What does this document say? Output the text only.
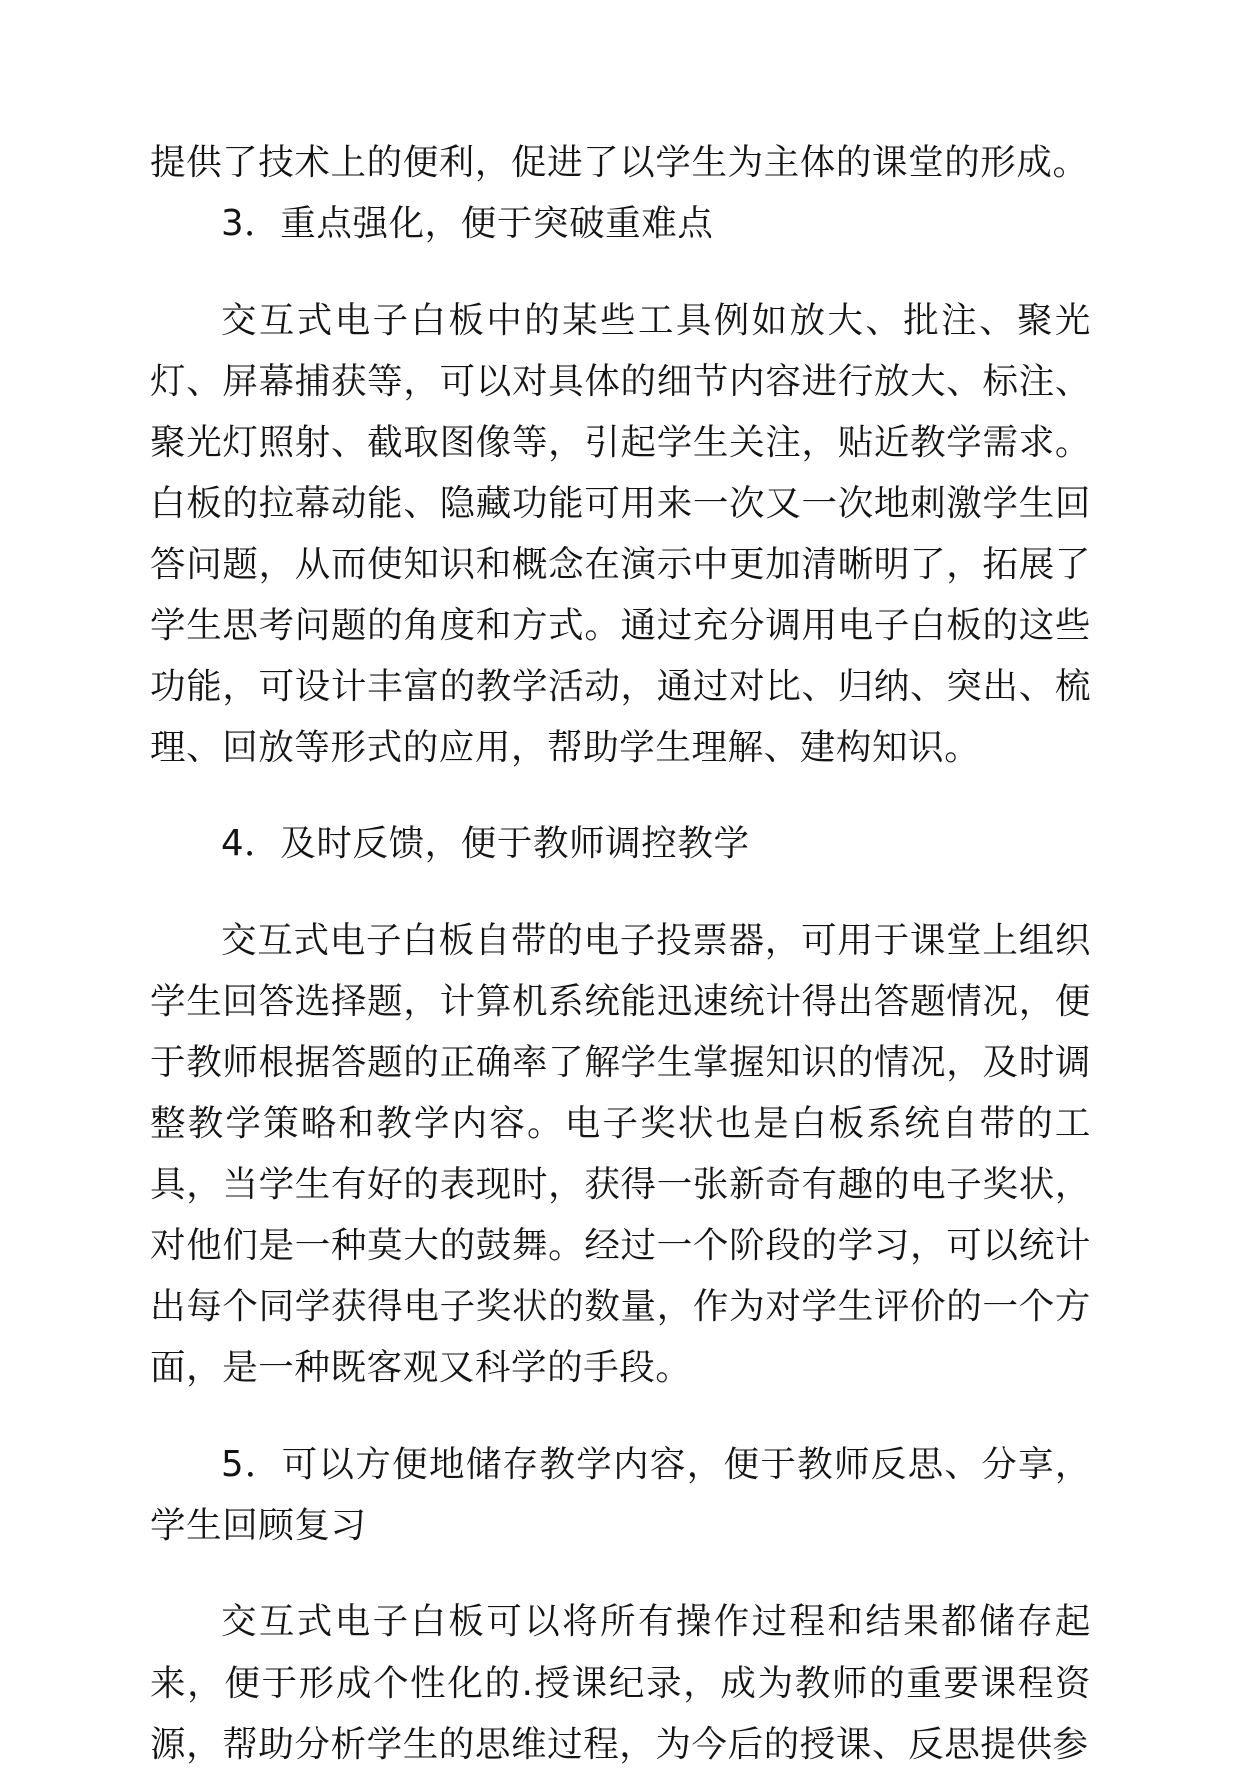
提供了技术上的便利，促进了以学生为主体的课堂的形成。

3．重点强化，便于突破重难点

交互式电子白板中的某些工具例如放大、批注、聚光灯、屏幕捕获等，可以对具体的细节内容进行放大、标注、聚光灯照射、截取图像等，引起学生关注，贴近教学需求。白板的拉幕动能、隐藏功能可用来一次又一次地刺激学生回答问题，从而使知识和概念在演示中更加清晰明了，拓展了学生思考问题的角度和方式。通过充分调用电子白板的这些功能，可设计丰富的教学活动，通过对比、归纳、突出、梳理、回放等形式的应用，帮助学生理解、建构知识。

4．及时反馈，便于教师调控教学

交互式电子白板自带的电子投票器，可用于课堂上组织学生回答选择题，计算机系统能迅速统计得出答题情况，便于教师根据答题的正确率了解学生掌握知识的情况，及时调整教学策略和教学内容。电子奖状也是白板系统自带的工具，当学生有好的表现时，获得一张新奇有趣的电子奖状，对他们是一种莫大的鼓舞。经过一个阶段的学习，可以统计出每个同学获得电子奖状的数量，作为对学生评价的一个方面，是一种既客观又科学的手段。

5．可以方便地储存教学内容，便于教师反思、分享，学生回顾复习

交互式电子白板可以将所有操作过程和结果都储存起来，便于形成个性化的.授课纪录，成为教师的重要课程资源，帮助分析学生的思维过程，为今后的授课、反思提供参
